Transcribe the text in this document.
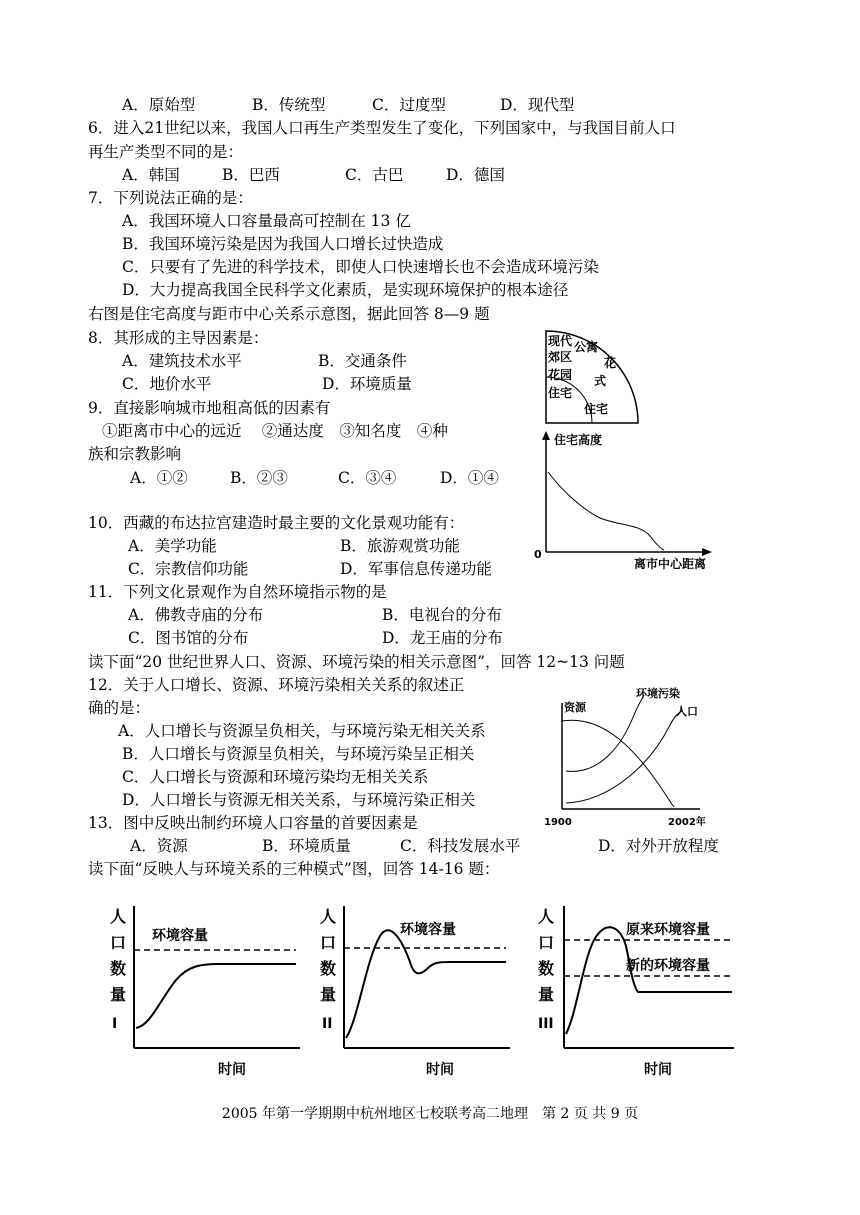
A．原始型	B．传统型	C．过度型	D．现代型
6．进入21世纪以来，我国人口再生产类型发生了变化，下列国家中，与我国目前人口
再生产类型不同的是：
A．韩国	B．巴西	C．古巴	D．德国
7．下列说法正确的是：
A．我国环境人口容量最高可控制在 13 亿
B．我国环境污染是因为我国人口增长过快造成
C．只要有了先进的科学技术，即使人口快速增长也不会造成环境污染
D．大力提高我国全民科学文化素质，是实现环境保护的根本途径
右图是住宅高度与距市中心关系示意图，据此回答 8—9 题
8．其形成的主导因素是：
A．建筑技术水平	B．交通条件
C．地价水平	D．环境质量
9．直接影响城市地租高低的因素有
①距离市中心的远近　 ②通达度　③知名度　④种
族和宗教影响
A．①②	B．②③	C．③④	D．①④
10．西藏的布达拉宫建造时最主要的文化景观功能有：
A．美学功能	B．旅游观赏功能
C．宗教信仰功能	D．军事信息传递功能
11．下列文化景观作为自然环境指示物的是
A．佛教寺庙的分布	B．电视台的分布
C．图书馆的分布	D．龙王庙的分布
读下面“20 世纪世界人口、资源、环境污染的相关示意图”，回答 12~13 问题
12．关于人口增长、资源、环境污染相关关系的叙述正
确的是：
A．人口增长与资源呈负相关，与环境污染无相关关系
B．人口增长与资源呈负相关，与环境污染呈正相关
C．人口增长与资源和环境污染均无相关关系
D．人口增长与资源无相关关系，与环境污染正相关
13．图中反映出制约环境人口容量的首要因素是
A．资源	B．环境质量	C．科技发展水平	D．对外开放程度
读下面“反映人与环境关系的三种模式”图，回答 14-16 题：
现代 公寓
郊区	花
花园 式
住宅
住宅
住宅高度
0
离市中心距离
环境污染
人口
资源
1900	2002年
人
口
数
量
I
环境容量
时间
人
口
数
量
II
环境容量
时间
人
口
数
量
III
原来环境容量
新的环境容量
时间
2005 年第一学期期中杭州地区七校联考高二地理　第 2 页 共 9 页
